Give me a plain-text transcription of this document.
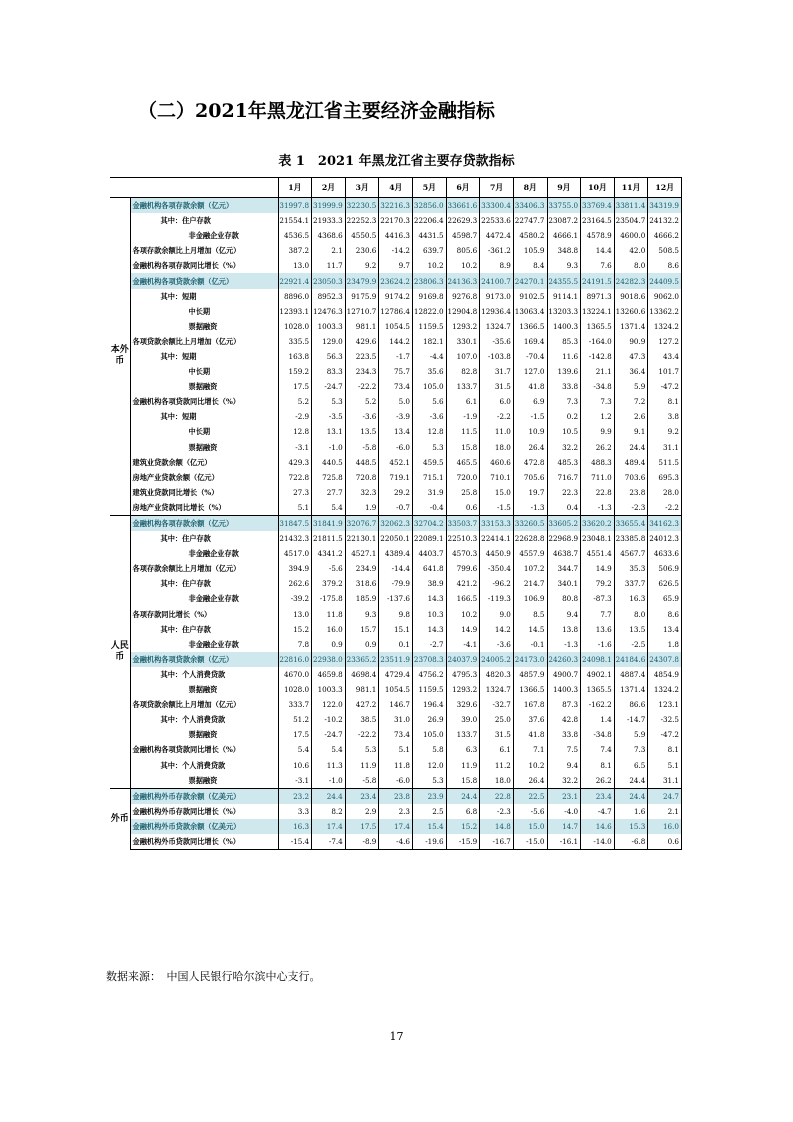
（二）2021年黑龙江省主要经济金融指标
表 1　2021 年黑龙江省主要存贷款指标
		1月	2月	3月	4月	5月	6月	7月	8月	9月	10月	11月	12月
本外币	金融机构各项存款余额（亿元）	31997.8	31999.9	32230.5	32216.3	32856.0	33661.6	33300.4	33406.3	33755.0	33769.4	33811.4	34319.9
	其中：住户存款	21554.1	21933.3	22252.3	22170.3	22206.4	22629.3	22533.6	22747.7	23087.2	23164.5	23504.7	24132.2
	非金融企业存款	4536.5	4368.6	4550.5	4416.3	4431.5	4598.7	4472.4	4580.2	4666.1	4578.9	4600.0	4666.2
	各项存款余额比上月增加（亿元）	387.2	2.1	230.6	-14.2	639.7	805.6	-361.2	105.9	348.8	14.4	42.0	508.5
	金融机构各项存款同比增长（%）	13.0	11.7	9.2	9.7	10.2	10.2	8.9	8.4	9.3	7.6	8.0	8.6
	金融机构各项贷款余额（亿元）	22921.4	23050.3	23479.9	23624.2	23806.3	24136.3	24100.7	24270.1	24355.5	24191.5	24282.3	24409.5
	其中：短期	8896.0	8952.3	9175.9	9174.2	9169.8	9276.8	9173.0	9102.5	9114.1	8971.3	9018.6	9062.0
	中长期	12393.1	12476.3	12710.7	12786.4	12822.0	12904.8	12936.4	13063.4	13203.3	13224.1	13260.6	13362.2
	票据融资	1028.0	1003.3	981.1	1054.5	1159.5	1293.2	1324.7	1366.5	1400.3	1365.5	1371.4	1324.2
	各项贷款余额比上月增加（亿元）	335.5	129.0	429.6	144.2	182.1	330.1	-35.6	169.4	85.3	-164.0	90.9	127.2
	其中：短期	163.8	56.3	223.5	-1.7	-4.4	107.0	-103.8	-70.4	11.6	-142.8	47.3	43.4
	中长期	159.2	83.3	234.3	75.7	35.6	82.8	31.7	127.0	139.6	21.1	36.4	101.7
	票据融资	17.5	-24.7	-22.2	73.4	105.0	133.7	31.5	41.8	33.8	-34.8	5.9	-47.2
	金融机构各项贷款同比增长（%）	5.2	5.3	5.2	5.0	5.6	6.1	6.0	6.9	7.3	7.3	7.2	8.1
	其中：短期	-2.9	-3.5	-3.6	-3.9	-3.6	-1.9	-2.2	-1.5	0.2	1.2	2.6	3.8
	中长期	12.8	13.1	13.5	13.4	12.8	11.5	11.0	10.9	10.5	9.9	9.1	9.2
	票据融资	-3.1	-1.0	-5.8	-6.0	5.3	15.8	18.0	26.4	32.2	26.2	24.4	31.1
	建筑业贷款余额（亿元）	429.3	440.5	448.5	452.1	459.5	465.5	460.6	472.8	485.3	488.3	489.4	511.5
	房地产业贷款余额（亿元）	722.8	725.8	720.8	719.1	715.1	720.0	710.1	705.6	716.7	711.0	703.6	695.3
	建筑业贷款同比增长（%）	27.3	27.7	32.3	29.2	31.9	25.8	15.0	19.7	22.3	22.8	23.8	28.0
	房地产业贷款同比增长（%）	5.1	5.4	1.9	-0.7	-0.4	0.6	-1.5	-1.3	0.4	-1.3	-2.3	-2.2
人民币	金融机构各项存款余额（亿元）	31847.5	31841.9	32076.7	32062.3	32704.2	33503.7	33153.3	33260.5	33605.2	33620.2	33655.4	34162.3
	其中：住户存款	21432.3	21811.5	22130.1	22050.1	22089.1	22510.3	22414.1	22628.8	22968.9	23048.1	23385.8	24012.3
	非金融企业存款	4517.0	4341.2	4527.1	4389.4	4403.7	4570.3	4450.9	4557.9	4638.7	4551.4	4567.7	4633.6
	各项存款余额比上月增加（亿元）	394.9	-5.6	234.9	-14.4	641.8	799.6	-350.4	107.2	344.7	14.9	35.3	506.9
	其中：住户存款	262.6	379.2	318.6	-79.9	38.9	421.2	-96.2	214.7	340.1	79.2	337.7	626.5
	非金融企业存款	-39.2	-175.8	185.9	-137.6	14.3	166.5	-119.3	106.9	80.8	-87.3	16.3	65.9
	各项存款同比增长（%）	13.0	11.8	9.3	9.8	10.3	10.2	9.0	8.5	9.4	7.7	8.0	8.6
	其中：住户存款	15.2	16.0	15.7	15.1	14.3	14.9	14.2	14.5	13.8	13.6	13.5	13.4
	非金融企业存款	7.8	0.9	0.9	0.1	-2.7	-4.1	-3.6	-0.1	-1.3	-1.6	-2.5	1.8
	金融机构各项贷款余额（亿元）	22816.0	22938.0	23365.2	23511.9	23708.3	24037.9	24005.2	24173.0	24260.3	24098.1	24184.6	24307.8
	其中：个人消费贷款	4670.0	4659.8	4698.4	4729.4	4756.2	4795.3	4820.3	4857.9	4900.7	4902.1	4887.4	4854.9
	票据融资	1028.0	1003.3	981.1	1054.5	1159.5	1293.2	1324.7	1366.5	1400.3	1365.5	1371.4	1324.2
	各项贷款余额比上月增加（亿元）	333.7	122.0	427.2	146.7	196.4	329.6	-32.7	167.8	87.3	-162.2	86.6	123.1
	其中：个人消费贷款	51.2	-10.2	38.5	31.0	26.9	39.0	25.0	37.6	42.8	1.4	-14.7	-32.5
	票据融资	17.5	-24.7	-22.2	73.4	105.0	133.7	31.5	41.8	33.8	-34.8	5.9	-47.2
	金融机构各项贷款同比增长（%）	5.4	5.4	5.3	5.1	5.8	6.3	6.1	7.1	7.5	7.4	7.3	8.1
	其中：个人消费贷款	10.6	11.3	11.9	11.8	12.0	11.9	11.2	10.2	9.4	8.1	6.5	5.1
	票据融资	-3.1	-1.0	-5.8	-6.0	5.3	15.8	18.0	26.4	32.2	26.2	24.4	31.1
外币	金融机构外币存款余额（亿美元）	23.2	24.4	23.4	23.8	23.9	24.4	22.8	22.5	23.1	23.4	24.4	24.7
	金融机构外币存款同比增长（%）	3.3	8.2	2.9	2.3	2.5	6.8	-2.3	-5.6	-4.0	-4.7	1.6	2.1
	金融机构外币贷款余额（亿美元）	16.3	17.4	17.5	17.4	15.4	15.2	14.8	15.0	14.7	14.6	15.3	16.0
	金融机构外币贷款同比增长（%）	-15.4	-7.4	-8.9	-4.6	-19.6	-15.9	-16.7	-15.0	-16.1	-14.0	-6.8	0.6
数据来源：　中国人民银行哈尔滨中心支行。
17
